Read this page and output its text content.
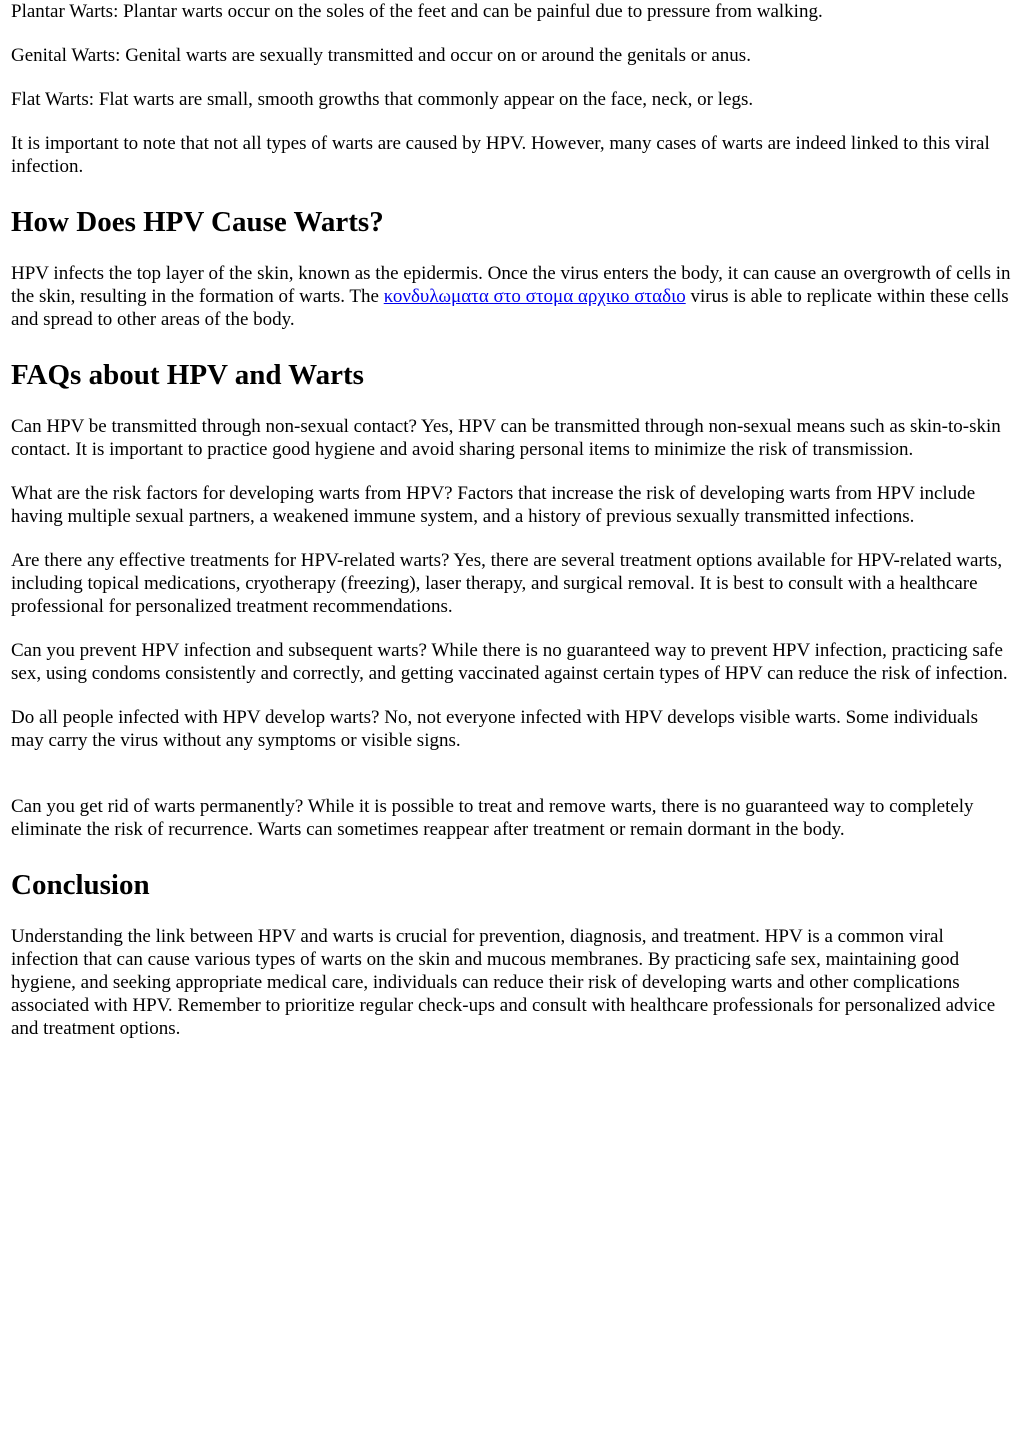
Plantar Warts: Plantar warts occur on the soles of the feet and can be painful due to pressure from walking.

Genital Warts: Genital warts are sexually transmitted and occur on or around the genitals or anus.

Flat Warts: Flat warts are small, smooth growths that commonly appear on the face, neck, or legs.

It is important to note that not all types of warts are caused by HPV. However, many cases of warts are indeed linked to this viral infection.

How Does HPV Cause Warts?

HPV infects the top layer of the skin, known as the epidermis. Once the virus enters the body, it can cause an overgrowth of cells in the skin, resulting in the formation of warts. The κονδυλωματα στο στομα αρχικο σταδιο virus is able to replicate within these cells and spread to other areas of the body.

FAQs about HPV and Warts

Can HPV be transmitted through non-sexual contact? Yes, HPV can be transmitted through non-sexual means such as skin-to-skin contact. It is important to practice good hygiene and avoid sharing personal items to minimize the risk of transmission.

What are the risk factors for developing warts from HPV? Factors that increase the risk of developing warts from HPV include having multiple sexual partners, a weakened immune system, and a history of previous sexually transmitted infections.

Are there any effective treatments for HPV-related warts? Yes, there are several treatment options available for HPV-related warts, including topical medications, cryotherapy (freezing), laser therapy, and surgical removal. It is best to consult with a healthcare professional for personalized treatment recommendations.

Can you prevent HPV infection and subsequent warts? While there is no guaranteed way to prevent HPV infection, practicing safe sex, using condoms consistently and correctly, and getting vaccinated against certain types of HPV can reduce the risk of infection.

Do all people infected with HPV develop warts? No, not everyone infected with HPV develops visible warts. Some individuals may carry the virus without any symptoms or visible signs.

Can you get rid of warts permanently? While it is possible to treat and remove warts, there is no guaranteed way to completely eliminate the risk of recurrence. Warts can sometimes reappear after treatment or remain dormant in the body.

Conclusion

Understanding the link between HPV and warts is crucial for prevention, diagnosis, and treatment. HPV is a common viral infection that can cause various types of warts on the skin and mucous membranes. By practicing safe sex, maintaining good hygiene, and seeking appropriate medical care, individuals can reduce their risk of developing warts and other complications associated with HPV. Remember to prioritize regular check-ups and consult with healthcare professionals for personalized advice and treatment options.
